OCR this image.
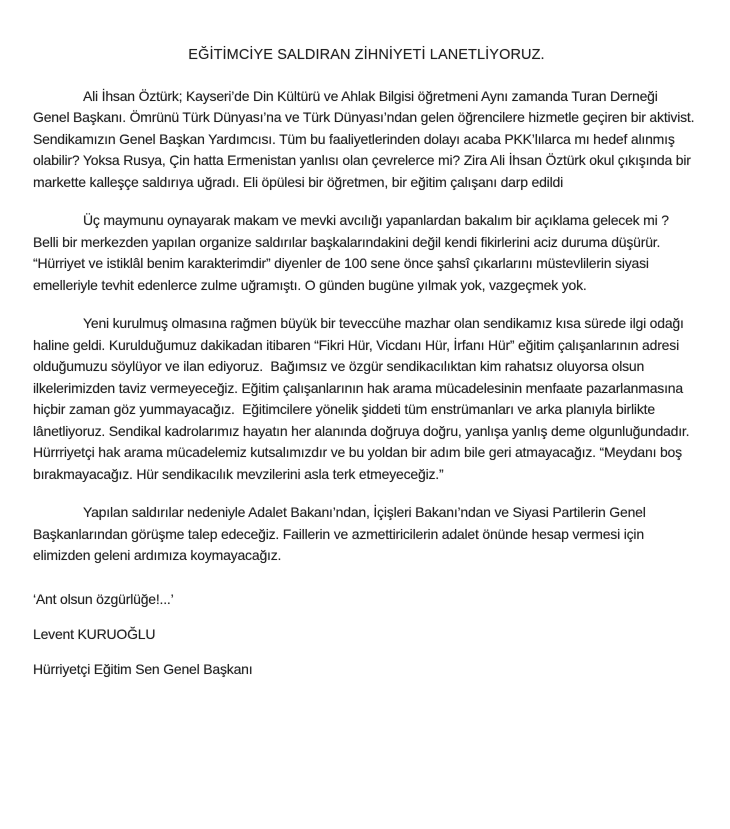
EĞİTİMCİYE SALDIRAN ZİHNİYETİ LANETLİYORUZ.

Ali İhsan Öztürk; Kayseri’de Din Kültürü ve Ahlak Bilgisi öğretmeni Aynı zamanda Turan Derneği Genel Başkanı. Ömrünü Türk Dünyası’na ve Türk Dünyası’ndan gelen öğrencilere hizmetle geçiren bir aktivist. Sendikamızın Genel Başkan Yardımcısı. Tüm bu faaliyetlerinden dolayı acaba PKK’lılarca mı hedef alınmış olabilir? Yoksa Rusya, Çin hatta Ermenistan yanlısı olan çevrelerce mi? Zira Ali İhsan Öztürk okul çıkışında bir markette kalleşçe saldırıya uğradı. Eli öpülesi bir öğretmen, bir eğitim çalışanı darp edildi

Üç maymunu oynayarak makam ve mevki avcılığı yapanlardan bakalım bir açıklama gelecek mi ? Belli bir merkezden yapılan organize saldırılar başkalarındakini değil kendi fikirlerini aciz duruma düşürür. “Hürriyet ve istiklâl benim karakterimdir” diyenler de 100 sene önce şahsî çıkarlarını müstevlilerin siyasi emelleriyle tevhit edenlerce zulme uğramıştı. O günden bugüne yılmak yok, vazgeçmek yok.

Yeni kurulmuş olmasına rağmen büyük bir teveccühe mazhar olan sendikamız kısa sürede ilgi odağı haline geldi. Kurulduğumuz dakikadan itibaren “Fikri Hür, Vicdanı Hür, İrfanı Hür” eğitim çalışanlarının adresi olduğumuzu söylüyor ve ilan ediyoruz.  Bağımsız ve özgür sendikacılıktan kim rahatsız oluyorsa olsun ilkelerimizden taviz vermeyeceğiz. Eğitim çalışanlarının hak arama mücadelesinin menfaate pazarlanmasına hiçbir zaman göz yummayacağız.  Eğitimcilere yönelik şiddeti tüm enstrümanları ve arka planıyla birlikte lânetliyoruz. Sendikal kadrolarımız hayatın her alanında doğruya doğru, yanlışa yanlış deme olgunluğundadır. Hürrriyetçi hak arama mücadelemiz kutsalımızdır ve bu yoldan bir adım bile geri atmayacağız. “Meydanı boş bırakmayacağız. Hür sendikacılık mevzilerini asla terk etmeyeceğiz.”

Yapılan saldırılar nedeniyle Adalet Bakanı’ndan, İçişleri Bakanı’ndan ve Siyasi Partilerin Genel Başkanlarından görüşme talep edeceğiz. Faillerin ve azmettiricilerin adalet önünde hesap vermesi için elimizden geleni ardımıza koymayacağız.

‘Ant olsun özgürlüğe!...’

Levent KURUOĞLU

Hürriyetçi Eğitim Sen Genel Başkanı
